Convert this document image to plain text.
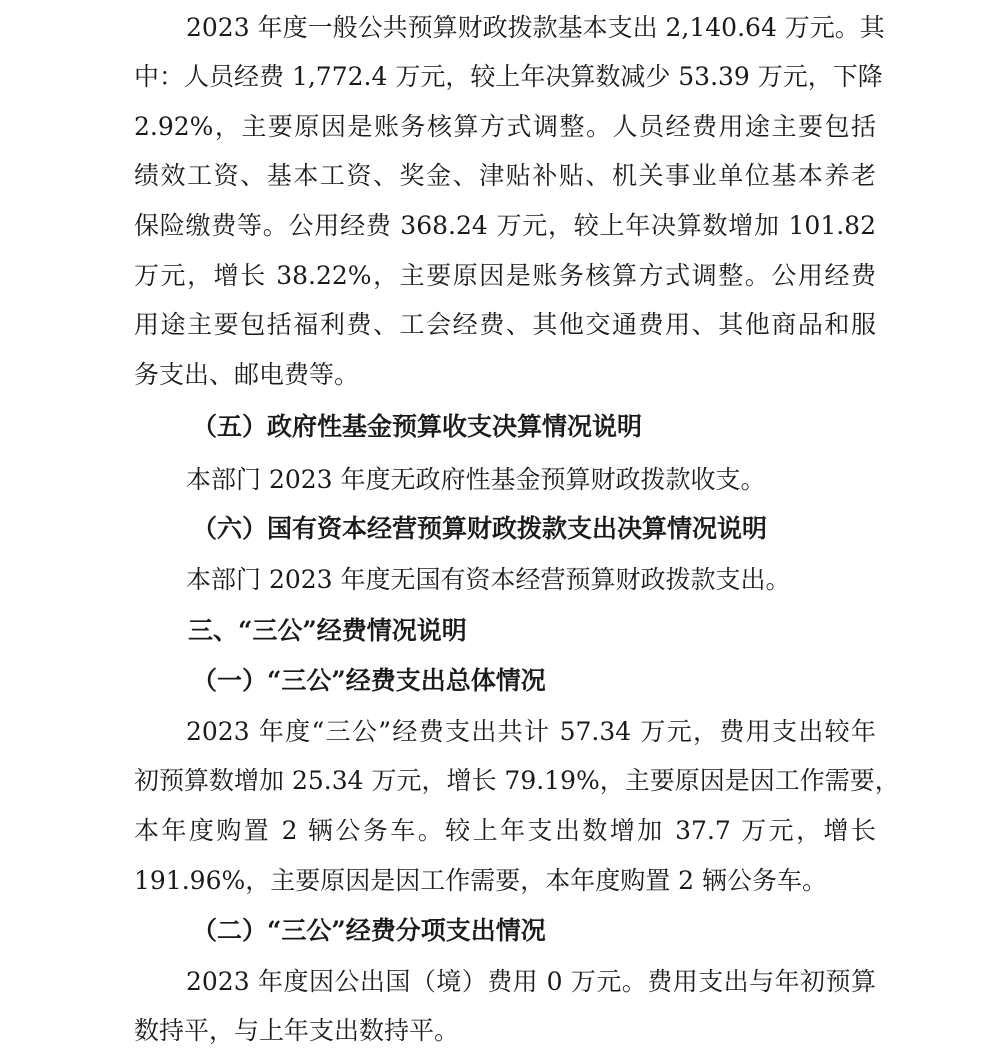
2023 年度一般公共预算财政拨款基本支出 2,140.64 万元。其
中：人员经费 1,772.4 万元，较上年决算数减少 53.39 万元，下降
2.92%，主要原因是账务核算方式调整。人员经费用途主要包括
绩效工资、基本工资、奖金、津贴补贴、机关事业单位基本养老
保险缴费等。公用经费 368.24 万元，较上年决算数增加 101.82
万元，增长 38.22%，主要原因是账务核算方式调整。公用经费
用途主要包括福利费、工会经费、其他交通费用、其他商品和服
务支出、邮电费等。
（五）政府性基金预算收支决算情况说明
本部门 2023 年度无政府性基金预算财政拨款收支。
（六）国有资本经营预算财政拨款支出决算情况说明
本部门 2023 年度无国有资本经营预算财政拨款支出。
三、“三公”经费情况说明
（一）“三公”经费支出总体情况
2023 年度“三公”经费支出共计 57.34 万元，费用支出较年
初预算数增加 25.34 万元，增长 79.19%，主要原因是因工作需要，
本年度购置 2 辆公务车。较上年支出数增加 37.7 万元，增长
191.96%，主要原因是因工作需要，本年度购置 2 辆公务车。
（二）“三公”经费分项支出情况
2023 年度因公出国（境）费用 0 万元。费用支出与年初预算
数持平，与上年支出数持平。
